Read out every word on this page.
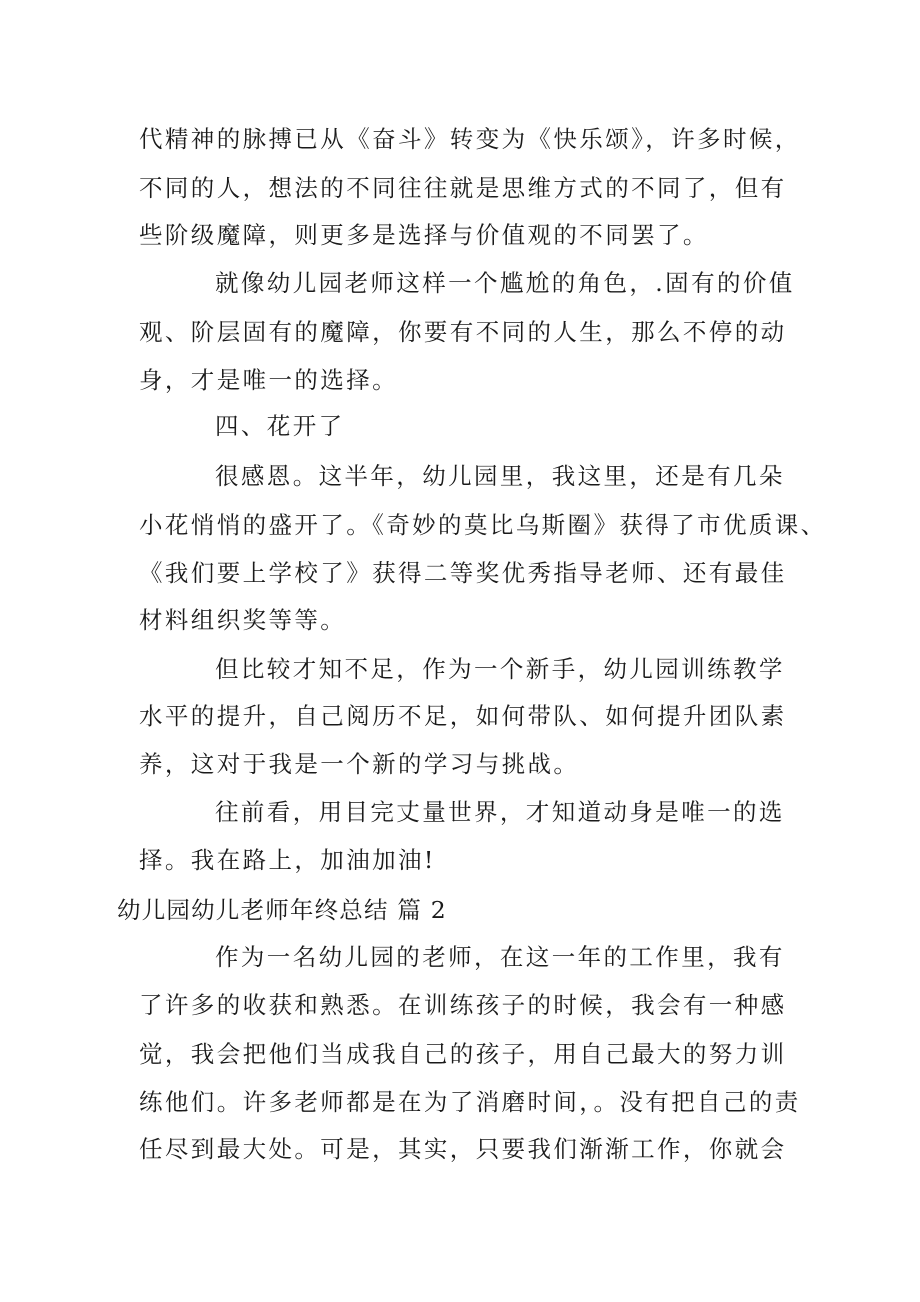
代精神的脉搏已从《奋斗》转变为《快乐颂》，许多时候，
不同的人，想法的不同往往就是思维方式的不同了，但有
些阶级魔障，则更多是选择与价值观的不同罢了。
就像幼儿园老师这样一个尴尬的角色，.固有的价值
观、阶层固有的魔障，你要有不同的人生，那么不停的动
身，才是唯一的选择。
四、花开了
很感恩。这半年，幼儿园里，我这里，还是有几朵
小花悄悄的盛开了。《奇妙的莫比乌斯圈》获得了市优质课、
《我们要上学校了》获得二等奖优秀指导老师、还有最佳
材料组织奖等等。
但比较才知不足，作为一个新手，幼儿园训练教学
水平的提升，自己阅历不足，如何带队、如何提升团队素
养，这对于我是一个新的学习与挑战。
往前看，用目完丈量世界，才知道动身是唯一的选
择。我在路上，加油加油!
幼儿园幼儿老师年终总结 篇 2
作为一名幼儿园的老师，在这一年的工作里，我有
了许多的收获和熟悉。在训练孩子的时候，我会有一种感
觉，我会把他们当成我自己的孩子，用自己最大的努力训
练他们。许多老师都是在为了消磨时间，。没有把自己的责
任尽到最大处。可是，其实，只要我们渐渐工作，你就会
